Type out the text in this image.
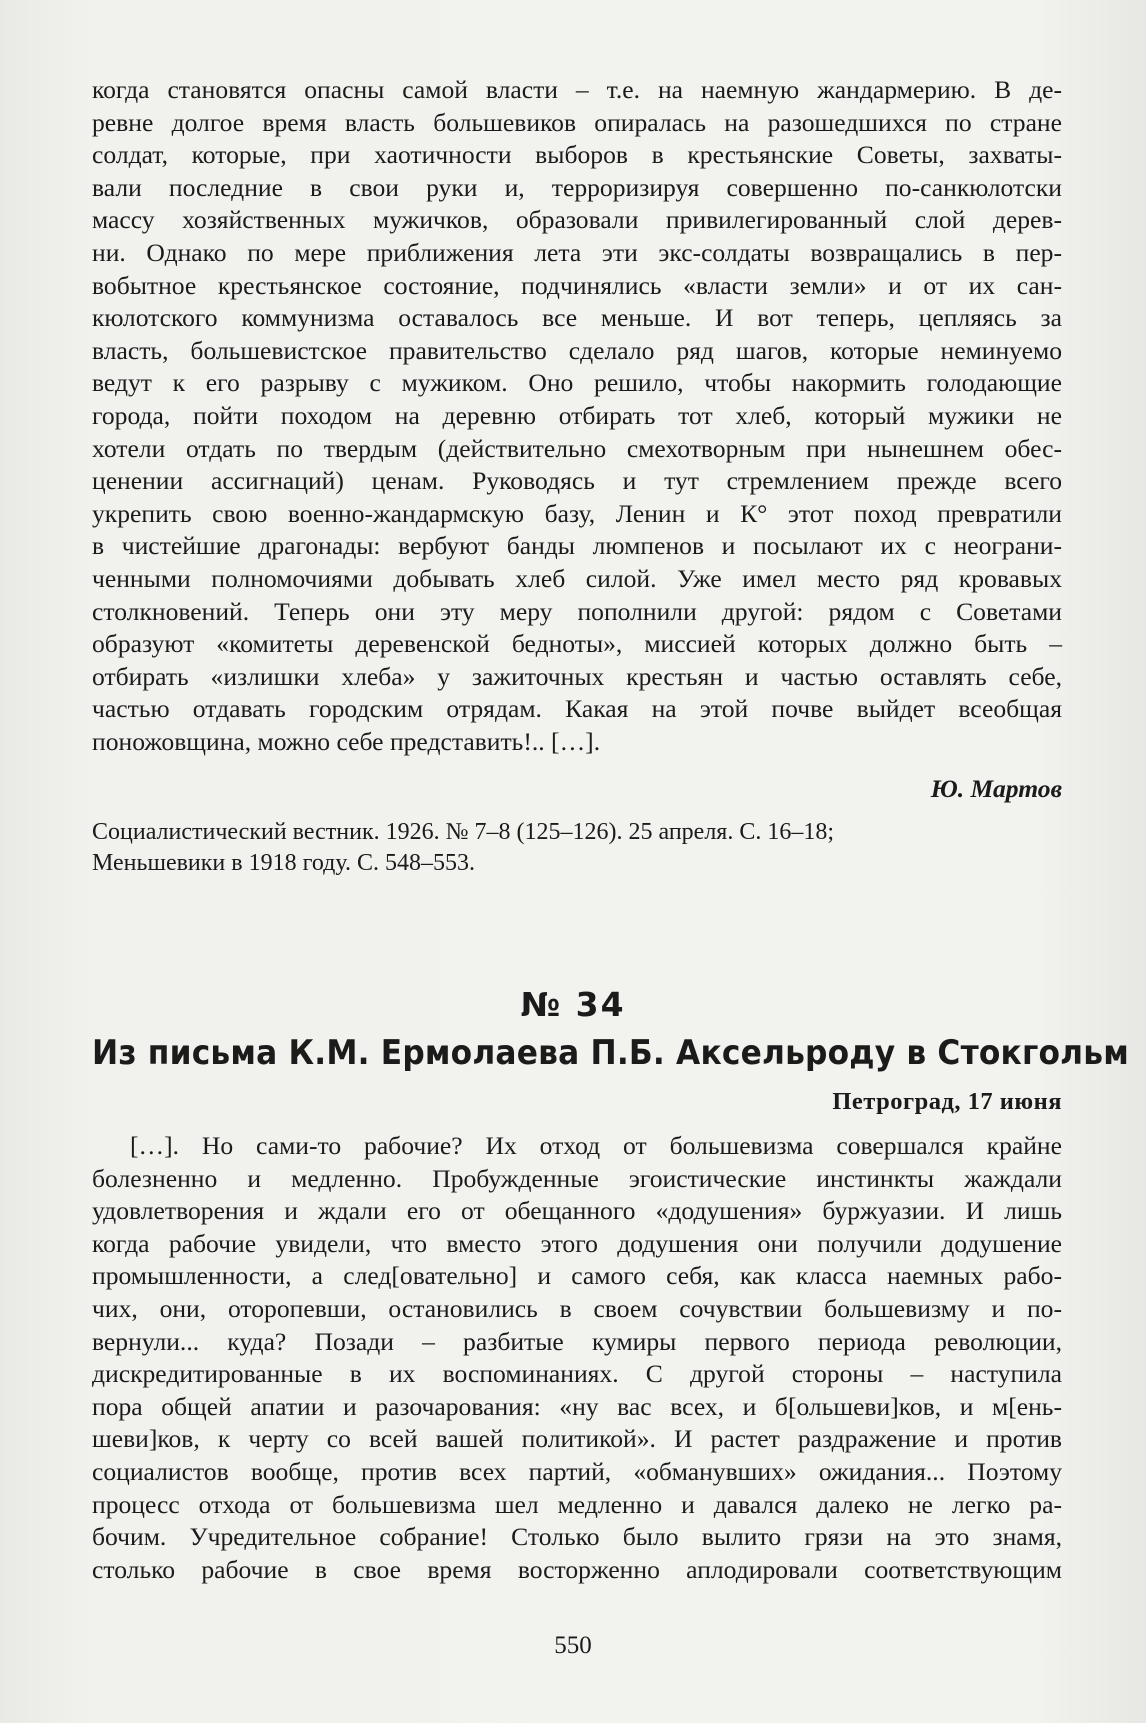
когда становятся опасны самой власти – т.е. на наемную жандармерию. В де-
ревне долгое время власть большевиков опиралась на разошедшихся по стране
солдат, которые, при хаотичности выборов в крестьянские Советы, захваты-
вали последние в свои руки и, терроризируя совершенно по-санкюлотски
массу хозяйственных мужичков, образовали привилегированный слой дерев-
ни. Однако по мере приближения лета эти экс-солдаты возвращались в пер-
вобытное крестьянское состояние, подчинялись «власти земли» и от их сан-
кюлотского коммунизма оставалось все меньше. И вот теперь, цепляясь за
власть, большевистское правительство сделало ряд шагов, которые неминуемо
ведут к его разрыву с мужиком. Оно решило, чтобы накормить голодающие
города, пойти походом на деревню отбирать тот хлеб, который мужики не
хотели отдать по твердым (действительно смехотворным при нынешнем обес-
ценении ассигнаций) ценам. Руководясь и тут стремлением прежде всего
укрепить свою военно-жандармскую базу, Ленин и К° этот поход превратили
в чистейшие драгонады: вербуют банды люмпенов и посылают их с неограни-
ченными полномочиями добывать хлеб силой. Уже имел место ряд кровавых
столкновений. Теперь они эту меру пополнили другой: рядом с Советами
образуют «комитеты деревенской бедноты», миссией которых должно быть –
отбирать «излишки хлеба» у зажиточных крестьян и частью оставлять себе,
частью отдавать городским отрядам. Какая на этой почве выйдет всеобщая
поножовщина, можно себе представить!.. […].

Ю. Мартов
Социалистический вестник. 1926. № 7–8 (125–126). 25 апреля. С. 16–18;
Меньшевики в 1918 году. С. 548–553.
№ 34
Из письма К.М. Ермолаева П.Б. Аксельроду в Стокгольм
Петроград, 17 июня

[…]. Но сами-то рабочие? Их отход от большевизма совершался крайне
болезненно и медленно. Пробужденные эгоистические инстинкты жаждали
удовлетворения и ждали его от обещанного «додушения» буржуазии. И лишь
когда рабочие увидели, что вместо этого додушения они получили додушение
промышленности, а след[овательно] и самого себя, как класса наемных рабо-
чих, они, оторопевши, остановились в своем сочувствии большевизму и по-
вернули... куда? Позади – разбитые кумиры первого периода революции,
дискредитированные в их воспоминаниях. С другой стороны – наступила
пора общей апатии и разочарования: «ну вас всех, и б[ольшеви]ков, и м[ень-
шеви]ков, к черту со всей вашей политикой». И растет раздражение и против
социалистов вообще, против всех партий, «обманувших» ожидания... Поэтому
процесс отхода от большевизма шел медленно и давался далеко не легко ра-
бочим. Учредительное собрание! Столько было вылито грязи на это знамя,
столько рабочие в свое время восторженно аплодировали соответствующим

550
